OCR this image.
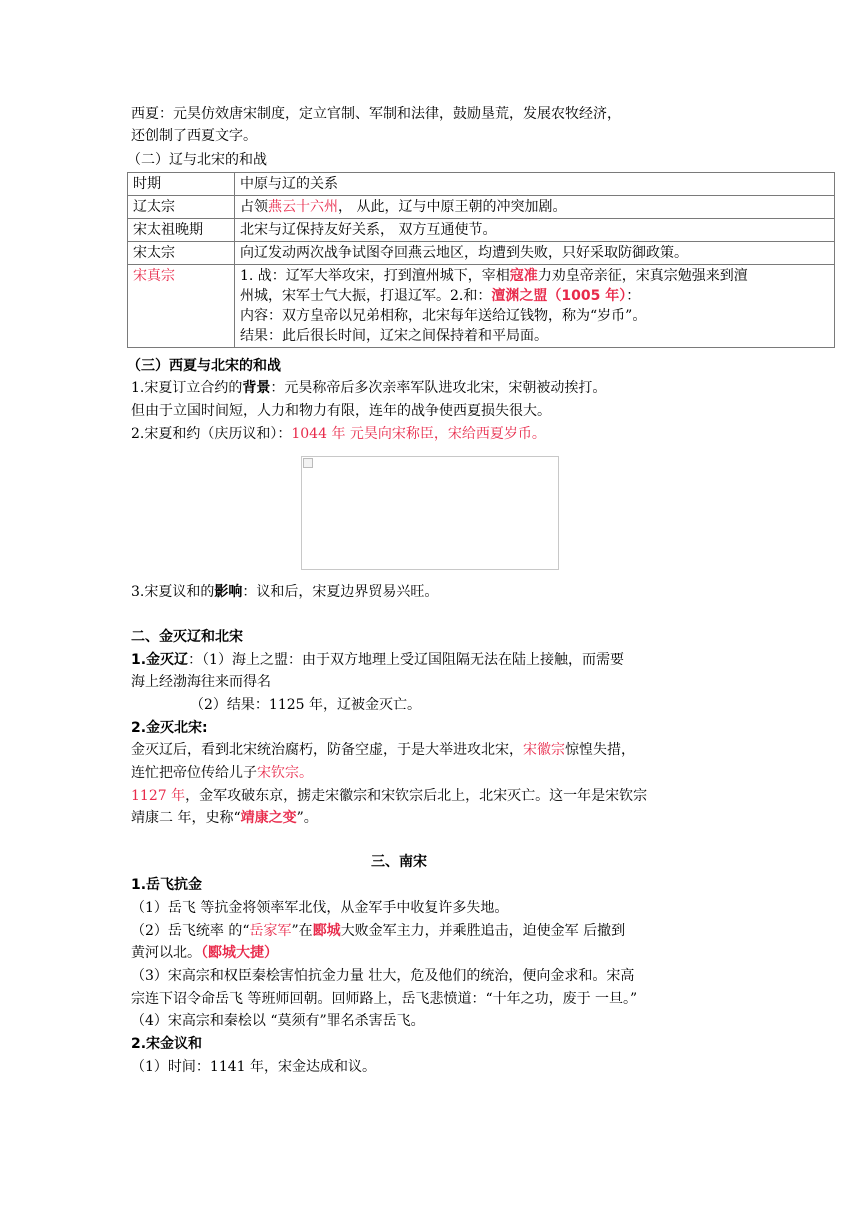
西夏：元昊仿效唐宋制度，定立官制、军制和法律，鼓励垦荒，发展农牧经济，
还创制了西夏文字。
（二）辽与北宋的和战
时期	中原与辽的关系
辽太宗	占领燕云十六州， 从此，辽与中原王朝的冲突加剧。
宋太祖晚期	北宋与辽保持友好关系， 双方互通使节。
宋太宗	向辽发动两次战争试图夺回燕云地区，均遭到失败，只好采取防御政策。
宋真宗	1. 战：辽军大举攻宋，打到澶州城下，宰相寇准力劝皇帝亲征，宋真宗勉强来到澶
州城，宋军士气大振，打退辽军。2.和：澶渊之盟（1005 年）：
内容：双方皇帝以兄弟相称，北宋每年送给辽钱物，称为“岁币”。
结果：此后很长时间，辽宋之间保持着和平局面。
（三）西夏与北宋的和战
1.宋夏订立合约的背景：元昊称帝后多次亲率军队进攻北宋，宋朝被动挨打。
但由于立国时间短，人力和物力有限，连年的战争使西夏损失很大。
2.宋夏和约（庆历议和）：1044 年 元昊向宋称臣，宋给西夏岁币。
3.宋夏议和的影响：议和后，宋夏边界贸易兴旺。
二、金灭辽和北宋
1.金灭辽：（1）海上之盟：由于双方地理上受辽国阻隔无法在陆上接触，而需要
海上经渤海往来而得名
（2）结果：1125 年，辽被金灭亡。
2.金灭北宋:
金灭辽后，看到北宋统治腐朽，防备空虚，于是大举进攻北宋，宋徽宗惊惶失措，
连忙把帝位传给儿子宋钦宗。
1127 年，金军攻破东京，掳走宋徽宗和宋钦宗后北上，北宋灭亡。这一年是宋钦宗
靖康二 年，史称“靖康之变”。
三、南宋
1.岳飞抗金
（1）岳飞 等抗金将领率军北伐，从金军手中收复许多失地。
（2）岳飞统率 的“岳家军”在郾城大败金军主力，并乘胜追击，迫使金军 后撤到
黄河以北。（郾城大捷）
（3）宋高宗和权臣秦桧害怕抗金力量 壮大，危及他们的统治，便向金求和。宋高
宗连下诏令命岳飞 等班师回朝。回师路上，岳飞悲愤道：“十年之功，废于 一旦。”
（4）宋高宗和秦桧以 “莫须有”罪名杀害岳飞。
2.宋金议和
（1）时间：1141 年，宋金达成和议。
